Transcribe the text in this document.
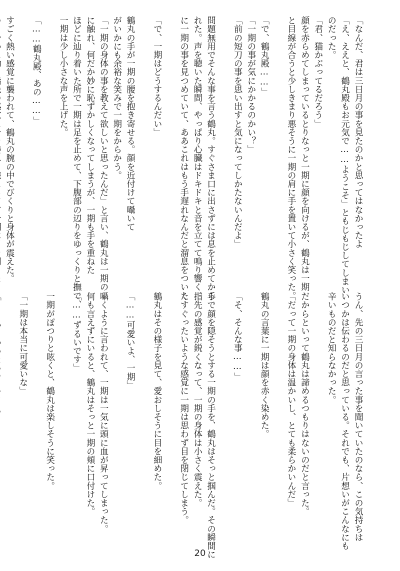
「なんだ、君は三日月の事を見たのかと思ってはなかったよ
「え、ええと、鶴丸殿もお元気で……ようこそ」ともじもじしてしまい
のだった。
「君、猫かぶってるだろう」
顔を赤らめてしまっているとりなっと一期に顔を向けるが、鶴丸は一期
と目線が合うと少しきまり悪そうに一期の肩に手を置いて小さく笑った。

「で、鶴丸殿……」
「一期の事が気にかかるのかい？」
「前の短刀の事を思い出すと気になってしかたないんだよ」

問題無用でそんな事を言う鶴丸。すぐさま口に出さずには息を止めてから
れた。声を聴いた瞬間、やっぱり心臓はドキドキと音を立てて鳴り響く、
に一期の事を見つめていて、ああこれはもう手遅れなんだと溜息をついた

「で、一期はどうするんだい」

鶴丸の手が一期の腰を抱き寄せる。顔を近付けて囁いて
がいかにも余裕な笑みで一期をからかう。
「一期の身体の事を教えて欲しいと思ったんだ」と言い、鶴丸は一期の
に触れ、何だか妙に恥ずかしくなってしまうが、一期も手を重ねた
ほどに辿り着いた所で一期は足を止めて、下腹部の辺りをゆっくりと撫で、
一期は少し小さな声を上げた。

「……鶴丸殿、あの……」

すごく熱い感覚に襲われて、鶴丸の腕の中でびくりと身体が震えた。
うん、先の三日月の言った事を聞いていたのなら、この気持ちは
いつかは伝わるのだと思っている。それでも、片想いがこんなにも
辛いものだと知らなかった。

だからといって鶴丸は諦めるつもりはないのだと言った。
「だって一期の身体は温かいし、とても柔らかいんだ」

鶴丸の言葉に一期は顔を赤く染めた。

「そ、そんな事……」

手で顔を隠そうとする一期の手を、鶴丸はそっと掴んだ。その瞬間に
指先の感覚が鋭くなって、一期の身体は小さく震えた。
くすぐったいような感覚に一期は思わず目を閉じてしまう。

鶴丸はその様子を見て、愛おしそうに目を細めた。

「……可愛いよ、一期」

囁くように言われて、一期は一気に頭に血が昇ってしまった。
何も言えずにいると、鶴丸はそっと一期の頬に口付けた。
「……ずるいです」

一期がぽつりと呟くと、鶴丸は楽しそうに笑った。

「一期は本当に可愛いな」

20
